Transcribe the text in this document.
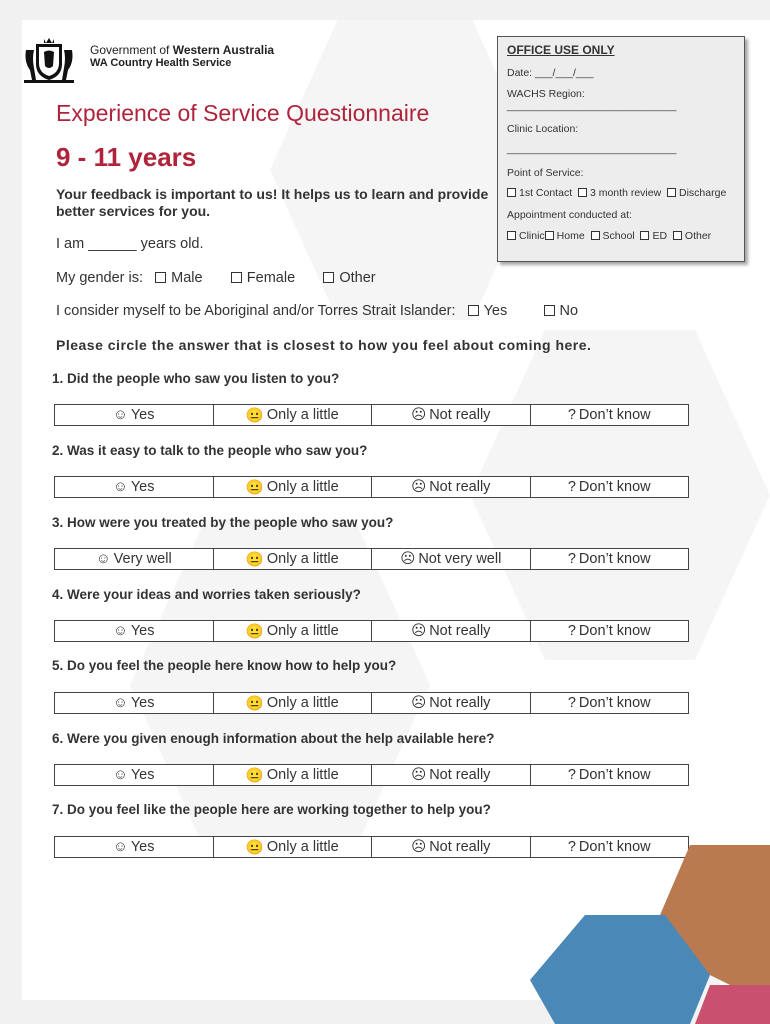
Government of Western Australia
WA Country Health Service
OFFICE USE ONLY
Date: ___/___/___
WACHS Region:
_____________________________
Clinic Location:
_____________________________
Point of Service:
1st Contact 3 month review Discharge
Appointment conducted at:
Clinic Home School ED Other
Experience of Service Questionnaire
9 - 11 years
Your feedback is important to us! It helps us to learn and provide better services for you.
I am ______ years old.
My gender is: Male	Female	Other
I consider myself to be Aboriginal and/or Torres Strait Islander: Yes	No
Please circle the answer that is closest to how you feel about coming here.
1. Did the people who saw you listen to you?
☺ Yes	😐 Only a little	☹ Not really	? Don’t know
2. Was it easy to talk to the people who saw you?
☺ Yes	😐 Only a little	☹ Not really	? Don’t know
3. How were you treated by the people who saw you?
☺ Very well	😐 Only a little	☹ Not very well	? Don’t know
4. Were your ideas and worries taken seriously?
☺ Yes	😐 Only a little	☹ Not really	? Don’t know
5. Do you feel the people here know how to help you?
☺ Yes	😐 Only a little	☹ Not really	? Don’t know
6. Were you given enough information about the help available here?
☺ Yes	😐 Only a little	☹ Not really	? Don’t know
7. Do you feel like the people here are working together to help you?
☺ Yes	😐 Only a little	☹ Not really	? Don’t know
